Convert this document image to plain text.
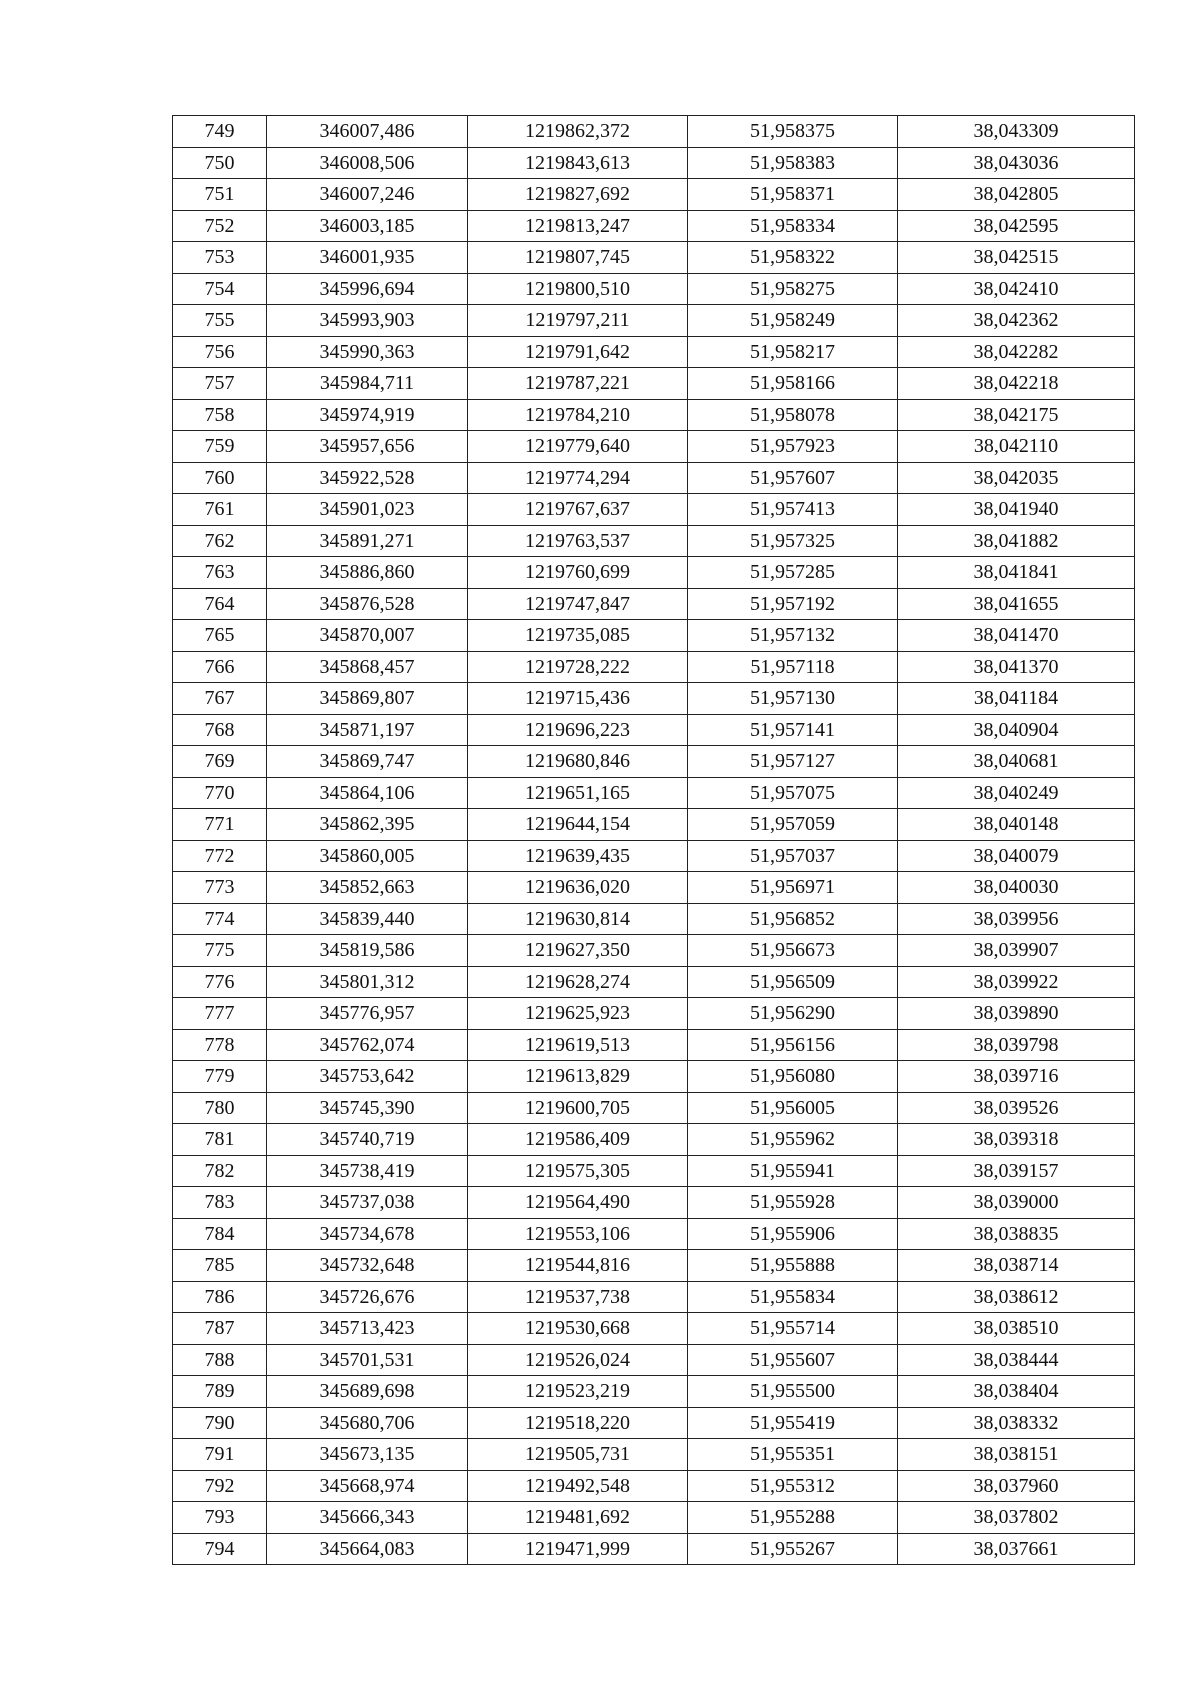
749	346007,486	1219862,372	51,958375	38,043309
750	346008,506	1219843,613	51,958383	38,043036
751	346007,246	1219827,692	51,958371	38,042805
752	346003,185	1219813,247	51,958334	38,042595
753	346001,935	1219807,745	51,958322	38,042515
754	345996,694	1219800,510	51,958275	38,042410
755	345993,903	1219797,211	51,958249	38,042362
756	345990,363	1219791,642	51,958217	38,042282
757	345984,711	1219787,221	51,958166	38,042218
758	345974,919	1219784,210	51,958078	38,042175
759	345957,656	1219779,640	51,957923	38,042110
760	345922,528	1219774,294	51,957607	38,042035
761	345901,023	1219767,637	51,957413	38,041940
762	345891,271	1219763,537	51,957325	38,041882
763	345886,860	1219760,699	51,957285	38,041841
764	345876,528	1219747,847	51,957192	38,041655
765	345870,007	1219735,085	51,957132	38,041470
766	345868,457	1219728,222	51,957118	38,041370
767	345869,807	1219715,436	51,957130	38,041184
768	345871,197	1219696,223	51,957141	38,040904
769	345869,747	1219680,846	51,957127	38,040681
770	345864,106	1219651,165	51,957075	38,040249
771	345862,395	1219644,154	51,957059	38,040148
772	345860,005	1219639,435	51,957037	38,040079
773	345852,663	1219636,020	51,956971	38,040030
774	345839,440	1219630,814	51,956852	38,039956
775	345819,586	1219627,350	51,956673	38,039907
776	345801,312	1219628,274	51,956509	38,039922
777	345776,957	1219625,923	51,956290	38,039890
778	345762,074	1219619,513	51,956156	38,039798
779	345753,642	1219613,829	51,956080	38,039716
780	345745,390	1219600,705	51,956005	38,039526
781	345740,719	1219586,409	51,955962	38,039318
782	345738,419	1219575,305	51,955941	38,039157
783	345737,038	1219564,490	51,955928	38,039000
784	345734,678	1219553,106	51,955906	38,038835
785	345732,648	1219544,816	51,955888	38,038714
786	345726,676	1219537,738	51,955834	38,038612
787	345713,423	1219530,668	51,955714	38,038510
788	345701,531	1219526,024	51,955607	38,038444
789	345689,698	1219523,219	51,955500	38,038404
790	345680,706	1219518,220	51,955419	38,038332
791	345673,135	1219505,731	51,955351	38,038151
792	345668,974	1219492,548	51,955312	38,037960
793	345666,343	1219481,692	51,955288	38,037802
794	345664,083	1219471,999	51,955267	38,037661
